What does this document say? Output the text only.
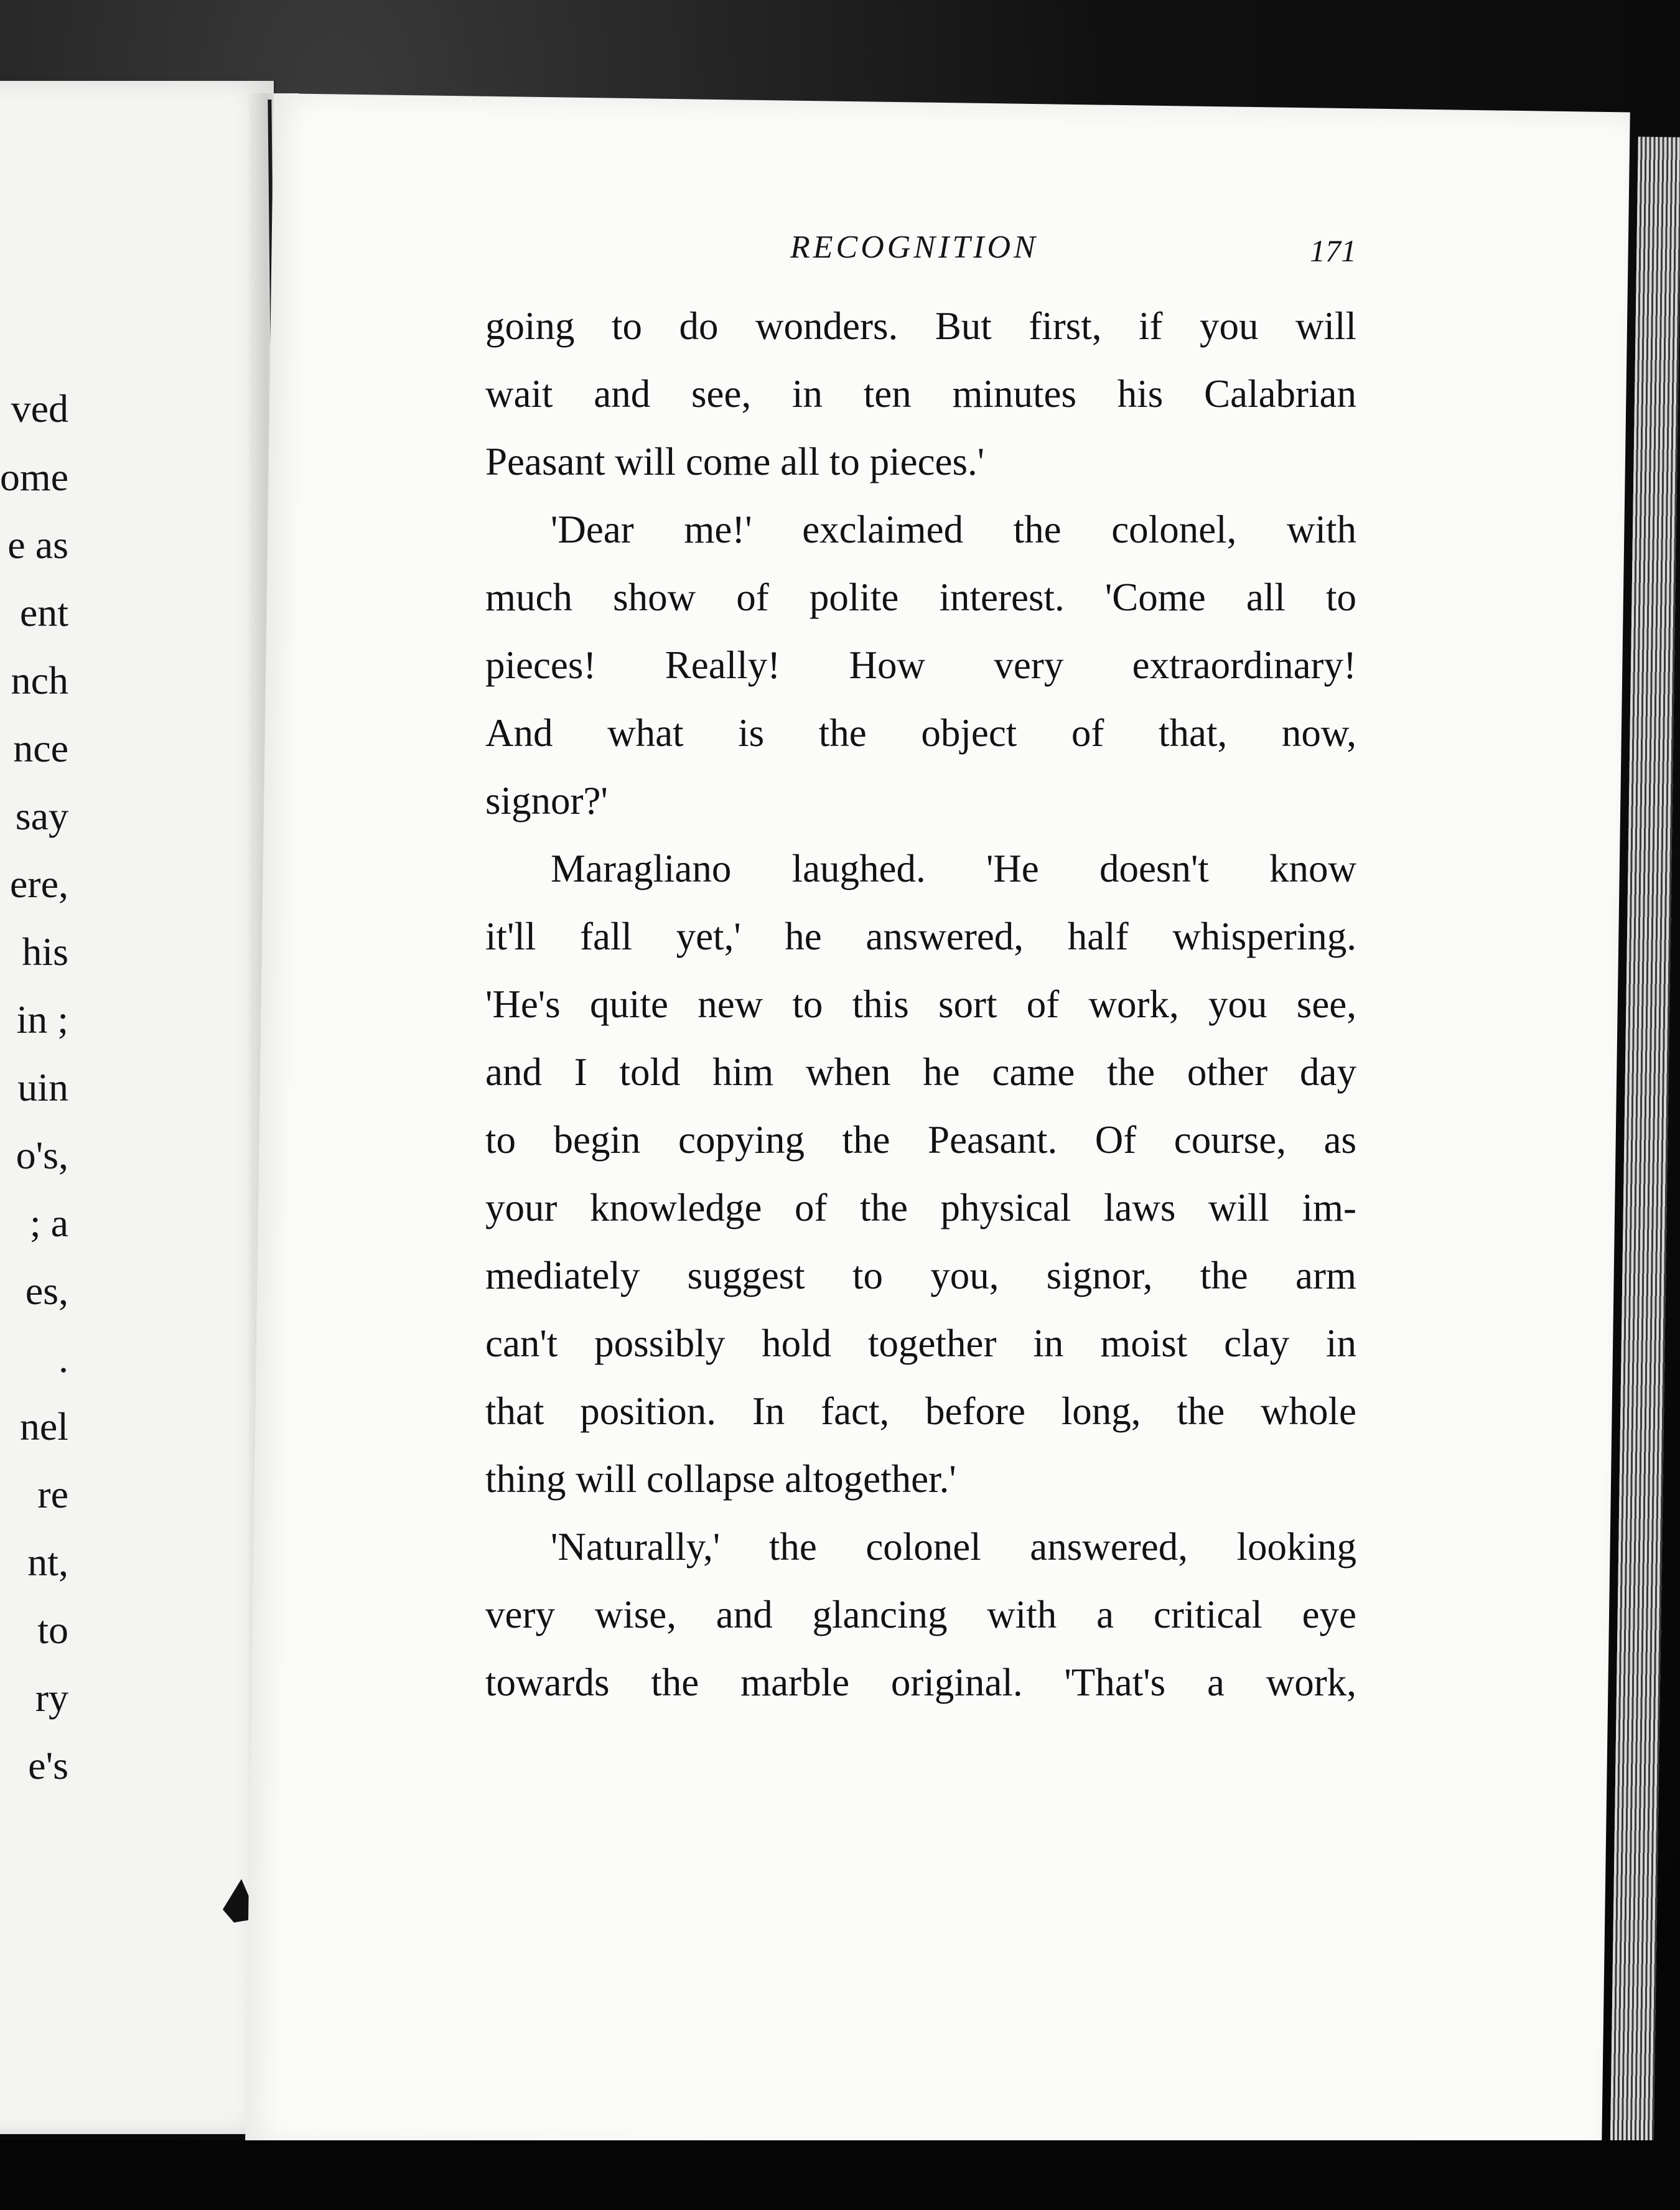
ved
ome
e as
ent
nch
nce
say
ere,
his
in ;
uin
o's,
; a
es,
.
nel
re
nt,
to
ry
e's
RECOGNITION	171
going to do wonders. But first, if you will
wait and see, in ten minutes his Calabrian
Peasant will come all to pieces.'
'Dear me!' exclaimed the colonel, with
much show of polite interest. 'Come all to
pieces! Really! How very extraordinary!
And what is the object of that, now,
signor?'
Maragliano laughed. 'He doesn't know
it'll fall yet,' he answered, half whispering.
'He's quite new to this sort of work, you see,
and I told him when he came the other day
to begin copying the Peasant. Of course, as
your knowledge of the physical laws will im-
mediately suggest to you, signor, the arm
can't possibly hold together in moist clay in
that position. In fact, before long, the whole
thing will collapse altogether.'
'Naturally,' the colonel answered, looking
very wise, and glancing with a critical eye
towards the marble original. 'That's a work,
